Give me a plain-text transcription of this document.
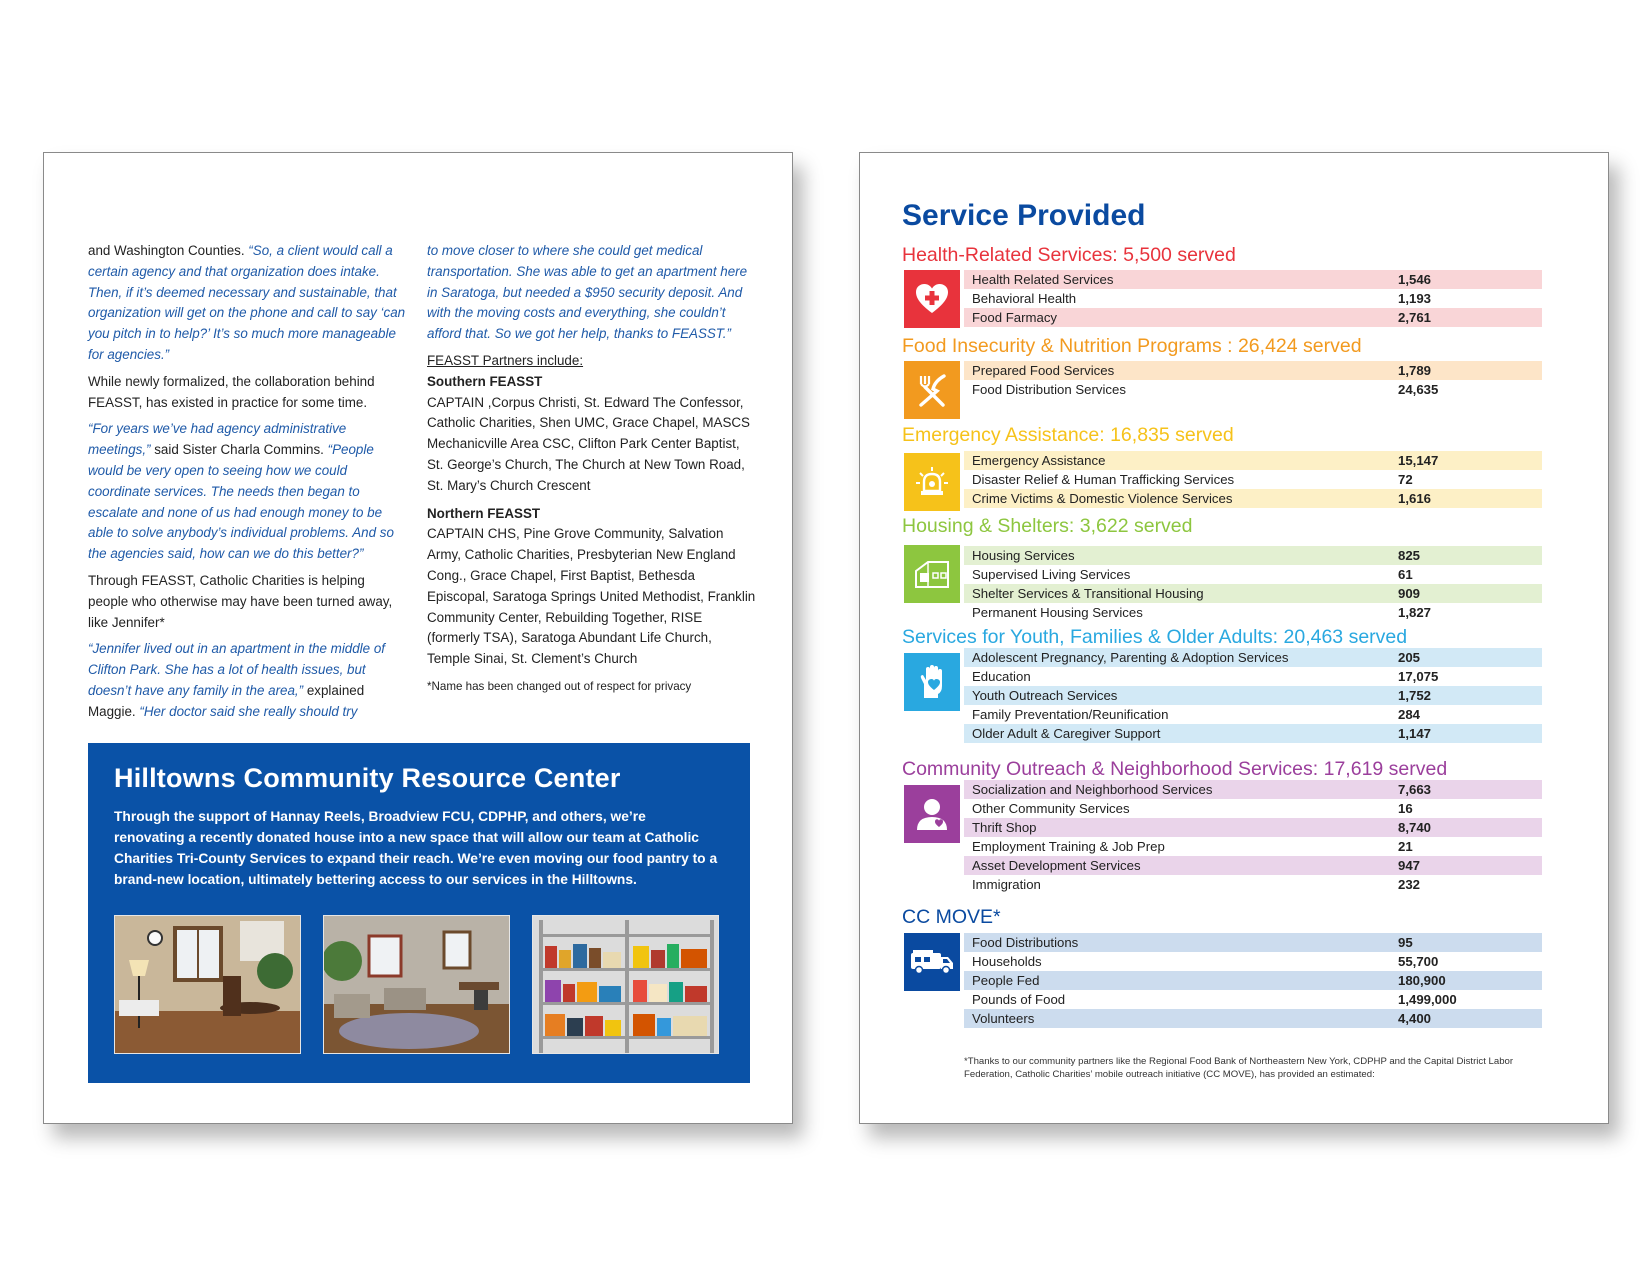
and Washington Counties. “So, a client would call a certain agency and that organization does intake. Then, if it’s deemed necessary and sustainable, that organization will get on the phone and call to say ‘can you pitch in to help?’ It’s so much more manageable for agencies.”

While newly formalized, the collaboration behind FEASST, has existed in practice for some time.

“For years we’ve had agency administrative meetings,” said Sister Charla Commins. “People would be very open to seeing how we could coordinate services. The needs then began to escalate and none of us had enough money to be able to solve anybody’s individual problems. And so the agencies said, how can we do this better?”

Through FEASST, Catholic Charities is helping people who otherwise may have been turned away, like Jennifer*

“Jennifer lived out in an apartment in the middle of Clifton Park. She has a lot of health issues, but doesn’t have any family in the area,” explained Maggie. “Her doctor said she really should try

to move closer to where she could get medical transportation. She was able to get an apartment here in Saratoga, but needed a $950 security deposit. And with the moving costs and everything, she couldn’t afford that. So we got her help, thanks to FEASST.”

FEASST Partners include:
Southern FEASST
CAPTAIN ,Corpus Christi, St. Edward The Confessor, Catholic Charities, Shen UMC, Grace Chapel, MASCS Mechanicville Area CSC, Clifton Park Center Baptist, St. George’s Church, The Church at New Town Road, St. Mary’s Church Crescent
Northern FEASST
CAPTAIN CHS, Pine Grove Community, Salvation Army, Catholic Charities, Presbyterian New England Cong., Grace Chapel, First Baptist, Bethesda Episcopal, Saratoga Springs United Methodist, Franklin Community Center, Rebuilding Together, RISE (formerly TSA), Saratoga Abundant Life Church, Temple Sinai, St. Clement’s Church
*Name has been changed out of respect for privacy
Hilltowns Community Resource Center

Through the support of Hannay Reels, Broadview FCU, CDPHP, and others, we’re renovating a recently donated house into a new space that will allow our team at Catholic Charities Tri-County Services to expand their reach. We’re even moving our food pantry to a brand-new location, ultimately bettering access to our services in the Hilltowns.

Service Provided
Health-Related Services: 5,500 served
Health Related Services	1,546
Behavioral Health	1,193
Food Farmacy	2,761
Food Insecurity & Nutrition Programs : 26,424 served
Prepared Food Services	1,789
Food Distribution Services	24,635
Emergency Assistance: 16,835 served
Emergency Assistance	15,147
Disaster Relief & Human Trafficking Services	72
Crime Victims & Domestic Violence Services	1,616
Housing & Shelters: 3,622 served
Housing Services	825
Supervised Living Services	61
Shelter Services & Transitional Housing	909
Permanent Housing Services	1,827
Services for Youth, Families & Older Adults: 20,463 served
Adolescent Pregnancy, Parenting & Adoption Services	205
Education	17,075
Youth Outreach Services	1,752
Family Preventation/Reunification	284
Older Adult & Caregiver Support	1,147
Community Outreach & Neighborhood Services: 17,619 served
Socialization and Neighborhood Services	7,663
Other Community Services	16
Thrift Shop	8,740
Employment Training & Job Prep	21
Asset Development Services	947
Immigration	232
CC MOVE*
Food Distributions	95
Households	55,700
People Fed	180,900
Pounds of Food	1,499,000
Volunteers	4,400
*Thanks to our community partners like the Regional Food Bank of Northeastern New York, CDPHP and the Capital District Labor Federation, Catholic Charities’ mobile outreach initiative (CC MOVE), has provided an estimated:
